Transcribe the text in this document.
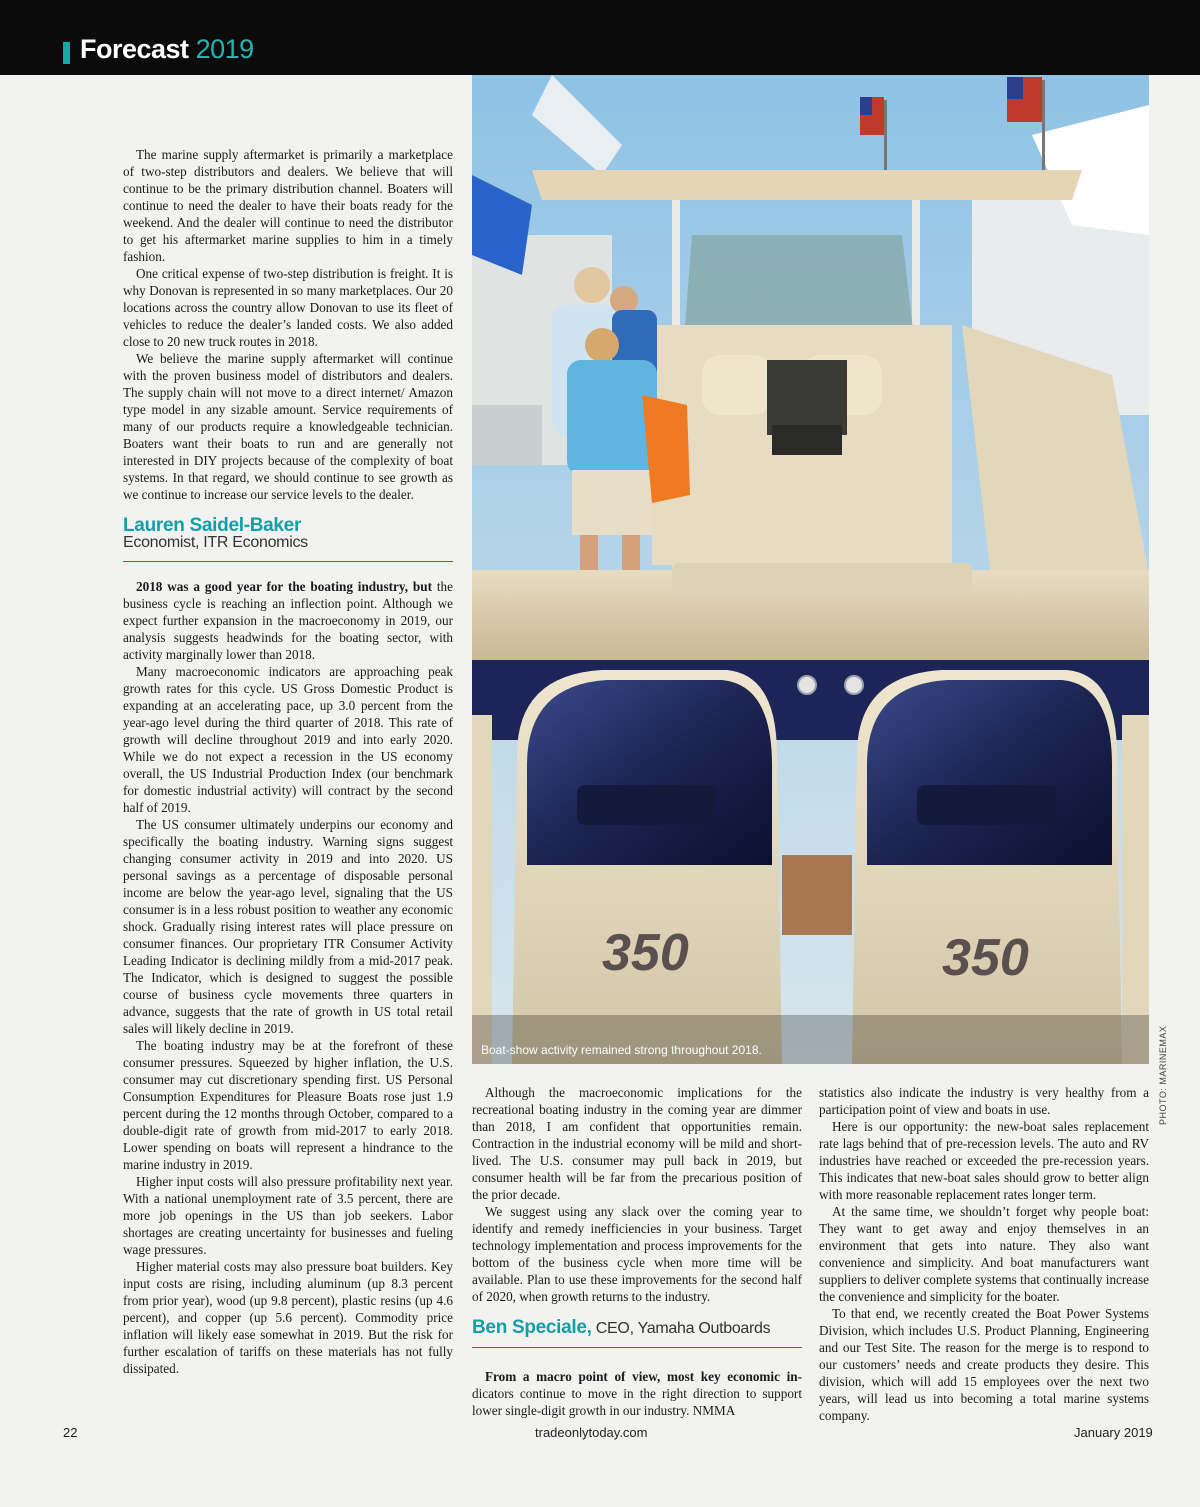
Forecast 2019

The marine supply aftermarket is primarily a marketplace of two-step distributors and dealers. We believe that will continue to be the primary distribution channel. Boaters will continue to need the dealer to have their boats ready for the weekend. And the dealer will continue to need the distributor to get his aftermarket marine supplies to him in a timely fashion.

One critical expense of two-step distribution is freight. It is why Donovan is represented in so many marketplaces. Our 20 locations across the country allow Donovan to use its fleet of vehicles to reduce the dealer’s landed costs. We also added close to 20 new truck routes in 2018.

We believe the marine supply aftermarket will continue with the proven business model of distributors and dealers. The supply chain will not move to a direct internet/ Amazon type model in any sizable amount. Service requirements of many of our products require a knowledgeable technician. Boaters want their boats to run and are generally not interested in DIY projects because of the complexity of boat systems. In that regard, we should continue to see growth as we continue to increase our service levels to the dealer.

Lauren Saidel-Baker
Economist, ITR Economics

2018 was a good year for the boating industry, but the business cycle is reaching an inflection point. Although we expect further expansion in the macroeconomy in 2019, our analysis suggests headwinds for the boating sector, with activity marginally lower than 2018.

Many macroeconomic indicators are approaching peak growth rates for this cycle. US Gross Domestic Product is expanding at an accelerating pace, up 3.0 percent from the year-ago level during the third quarter of 2018. This rate of growth will decline throughout 2019 and into early 2020. While we do not expect a recession in the US economy overall, the US Industrial Production Index (our benchmark for domestic industrial activity) will contract by the second half of 2019.

The US consumer ultimately underpins our economy and specifically the boating industry. Warning signs suggest changing consumer activity in 2019 and into 2020. US personal savings as a percentage of disposable personal income are below the year-ago level, signaling that the US consumer is in a less robust position to weather any economic shock. Gradually rising interest rates will place pressure on consumer finances. Our proprietary ITR Consumer Activity Leading Indicator is declining mildly from a mid-2017 peak. The Indicator, which is designed to suggest the possible course of business cycle movements three quarters in advance, suggests that the rate of growth in US total retail sales will likely decline in 2019.

The boating industry may be at the forefront of these consumer pressures. Squeezed by higher inflation, the U.S. consumer may cut discretionary spending first. US Personal Consumption Expenditures for Pleasure Boats rose just 1.9 percent during the 12 months through October, compared to a double-digit rate of growth from mid-2017 to early 2018. Lower spending on boats will represent a hindrance to the marine industry in 2019.

Higher input costs will also pressure profitability next year. With a national unemployment rate of 3.5 percent, there are more job openings in the US than job seekers. Labor shortages are creating uncertainty for businesses and fueling wage pressures.

Higher material costs may also pressure boat builders. Key input costs are rising, including aluminum (up 8.3 percent from prior year), wood (up 9.8 percent), plastic resins (up 4.6 percent), and copper (up 5.6 percent). Commodity price inflation will likely ease somewhat in 2019. But the risk for further escalation of tariffs on these materials has not fully dissipated.

350	350
Boat-show activity remained strong throughout 2018.	PHOTO: MARINEMAX

Although the macroeconomic implications for the recreational boating industry in the coming year are dimmer than 2018, I am confident that opportunities remain. Contraction in the industrial economy will be mild and short-lived. The U.S. consumer may pull back in 2019, but consumer health will be far from the precarious position of the prior decade.

We suggest using any slack over the coming year to identify and remedy inefficiencies in your business. Target technology implementation and process improvements for the bottom of the business cycle when more time will be available. Plan to use these improvements for the second half of 2020, when growth returns to the industry.

Ben Speciale, CEO, Yamaha Outboards

From a macro point of view, most key economic in-dicators continue to move in the right direction to support lower single-digit growth in our industry. NMMA

statistics also indicate the industry is very healthy from a participation point of view and boats in use.

Here is our opportunity: the new-boat sales replacement rate lags behind that of pre-recession levels. The auto and RV industries have reached or exceeded the pre-recession years. This indicates that new-boat sales should grow to better align with more reasonable replacement rates longer term.

At the same time, we shouldn’t forget why people boat: They want to get away and enjoy themselves in an environment that gets into nature. They also want convenience and simplicity. And boat manufacturers want suppliers to deliver complete systems that continually increase the convenience and simplicity for the boater.

To that end, we recently created the Boat Power Systems Division, which includes U.S. Product Planning, Engineering and our Test Site. The reason for the merge is to respond to our customers’ needs and create products they desire. This division, which will add 15 employees over the next two years, will lead us into becoming a total marine systems company.

22	tradeonlytoday.com	January 2019
